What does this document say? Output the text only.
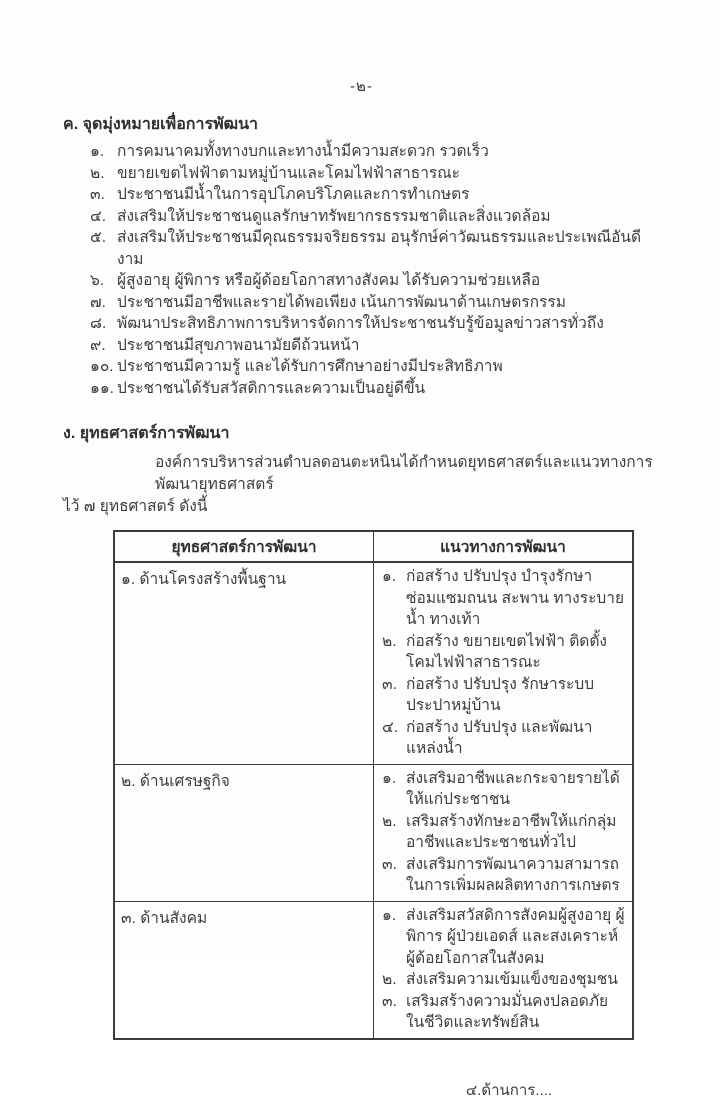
-๒-

ค. จุดมุ่งหมายเพื่อการพัฒนา
๑. การคมนาคมทั้งทางบกและทางน้ำมีความสะดวก รวดเร็ว
๒. ขยายเขตไฟฟ้าตามหมู่บ้านและโคมไฟฟ้าสาธารณะ
๓. ประชาชนมีน้ำในการอุปโภคบริโภคและการทำเกษตร
๔. ส่งเสริมให้ประชาชนดูแลรักษาทรัพยากรธรรมชาติและสิ่งแวดล้อม
๕. ส่งเสริมให้ประชาชนมีคุณธรรมจริยธรรม อนุรักษ์ค่าวัฒนธรรมและประเพณีอันดีงาม
๖. ผู้สูงอายุ ผู้พิการ หรือผู้ด้อยโอกาสทางสังคม ได้รับความช่วยเหลือ
๗. ประชาชนมีอาชีพและรายได้พอเพียง เน้นการพัฒนาด้านเกษตรกรรม
๘. พัฒนาประสิทธิภาพการบริหารจัดการให้ประชาชนรับรู้ข้อมูลข่าวสารทั่วถึง
๙. ประชาชนมีสุขภาพอนามัยดีถ้วนหน้า
๑๐. ประชาชนมีความรู้ และได้รับการศึกษาอย่างมีประสิทธิภาพ
๑๑. ประชาชนได้รับสวัสดิการและความเป็นอยู่ดีขึ้น
ง. ยุทธศาสตร์การพัฒนา

องค์การบริหารส่วนตำบลดอนตะหนินได้กำหนดยุทธศาสตร์และแนวทางการพัฒนายุทธศาสตร์

ไว้ ๗ ยุทธศาสตร์ ดังนี้

ยุทธศาสตร์การพัฒนา	แนวทางการพัฒนา
๑. ด้านโครงสร้างพื้นฐาน	๑. ก่อสร้าง ปรับปรุง บำรุงรักษา ซ่อมแซมถนน สะพาน ทางระบายน้ำ ทางเท้า
๒. ก่อสร้าง ขยายเขตไฟฟ้า ติดตั้งโคมไฟฟ้าสาธารณะ
๓. ก่อสร้าง ปรับปรุง รักษาระบบประปาหมู่บ้าน
๔. ก่อสร้าง ปรับปรุง และพัฒนาแหล่งน้ำ

๒. ด้านเศรษฐกิจ	๑. ส่งเสริมอาชีพและกระจายรายได้ให้แก่ประชาชน
๒. เสริมสร้างทักษะอาชีพให้แก่กลุ่มอาชีพและประชาชนทั่วไป
๓. ส่งเสริมการพัฒนาความสามารถในการเพิ่มผลผลิตทางการเกษตร

๓. ด้านสังคม	๑. ส่งเสริมสวัสดิการสังคมผู้สูงอายุ ผู้พิการ ผู้ป่วยเอดส์ และสงเคราะห์ผู้ด้อยโอกาสในสังคม
๒. ส่งเสริมความเข้มแข็งของชุมชน
๓. เสริมสร้างความมั่นคงปลอดภัยในชีวิตและทรัพย์สิน

๔.ด้านการ....
